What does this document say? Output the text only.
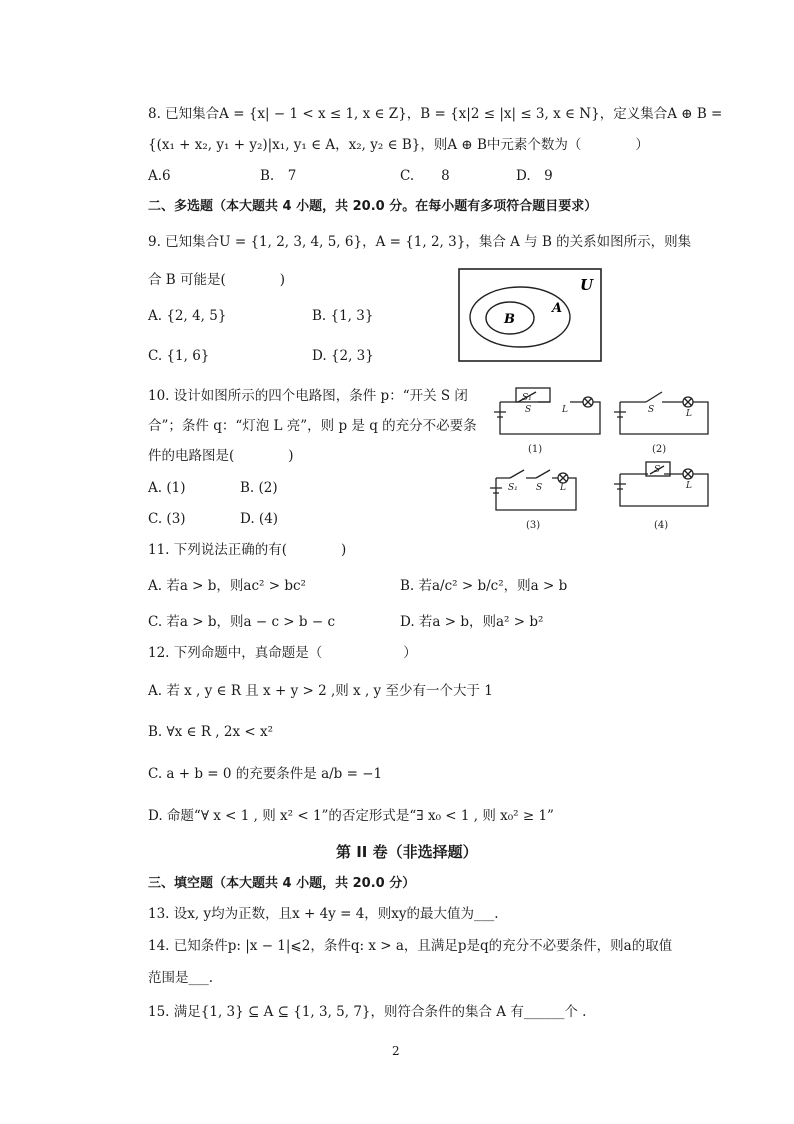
8. 已知集合A = {x| − 1 < x ≤ 1, x ∈ Z}，B = {x|2 ≤ |x| ≤ 3, x ∈ N}，定义集合A ⊕ B =
{(x₁ + x₂, y₁ + y₂)|x₁, y₁ ∈ A，x₂, y₂ ∈ B}，则A ⊕ B中元素个数为（　　　　）
A.6	B.　7	C.　　8	D.　9
二、多选题（本大题共 4 小题，共 20.0 分。在每小题有多项符合题目要求）
9. 已知集合U = {1, 2, 3, 4, 5, 6}，A = {1, 2, 3}，集合 A 与 B 的关系如图所示，则集
合 B 可能是(　　　　)
A. {2, 4, 5}	B. {1, 3}
C. {1, 6}	D. {2, 3}
U
A
B
10. 设计如图所示的四个电路图，条件 p：“开关 S 闭
合”；条件 q：“灯泡 L 亮”，则 p 是 q 的充分不必要条
件的电路图是(　　　　)
A. (1)	B. (2)
C. (3)	D. (4)
S₁
S	L
(1)
S	L
(2)
S₁ S L
(3)
S
L
(4)
11. 下列说法正确的有(　　　　)
A. 若a > b，则ac² > bc²	B. 若a/c² > b/c²，则a > b
C. 若a > b，则a − c > b − c	D. 若a > b，则a² > b²
12. 下列命题中，真命题是（　　　　　　）
A. 若 x , y ∈ R 且 x + y > 2 ,则 x , y 至少有一个大于 1
B. ∀x ∈ R , 2x < x²
C. a + b = 0 的充要条件是 a/b = −1
D. 命题“∀ x < 1 , 则 x² < 1”的否定形式是“∃ x₀ < 1 , 则 x₀² ≥ 1”
第 II 卷（非选择题）
三、填空题（本大题共 4 小题，共 20.0 分）
13. 设x, y均为正数，且x + 4y = 4，则xy的最大值为___.
14. 已知条件p: |x − 1|⩽2，条件q: x > a，且满足p是q的充分不必要条件，则a的取值
范围是___.
15. 满足{1, 3} ⊆ A ⊆ {1, 3, 5, 7}，则符合条件的集合 A 有______个 .
2
